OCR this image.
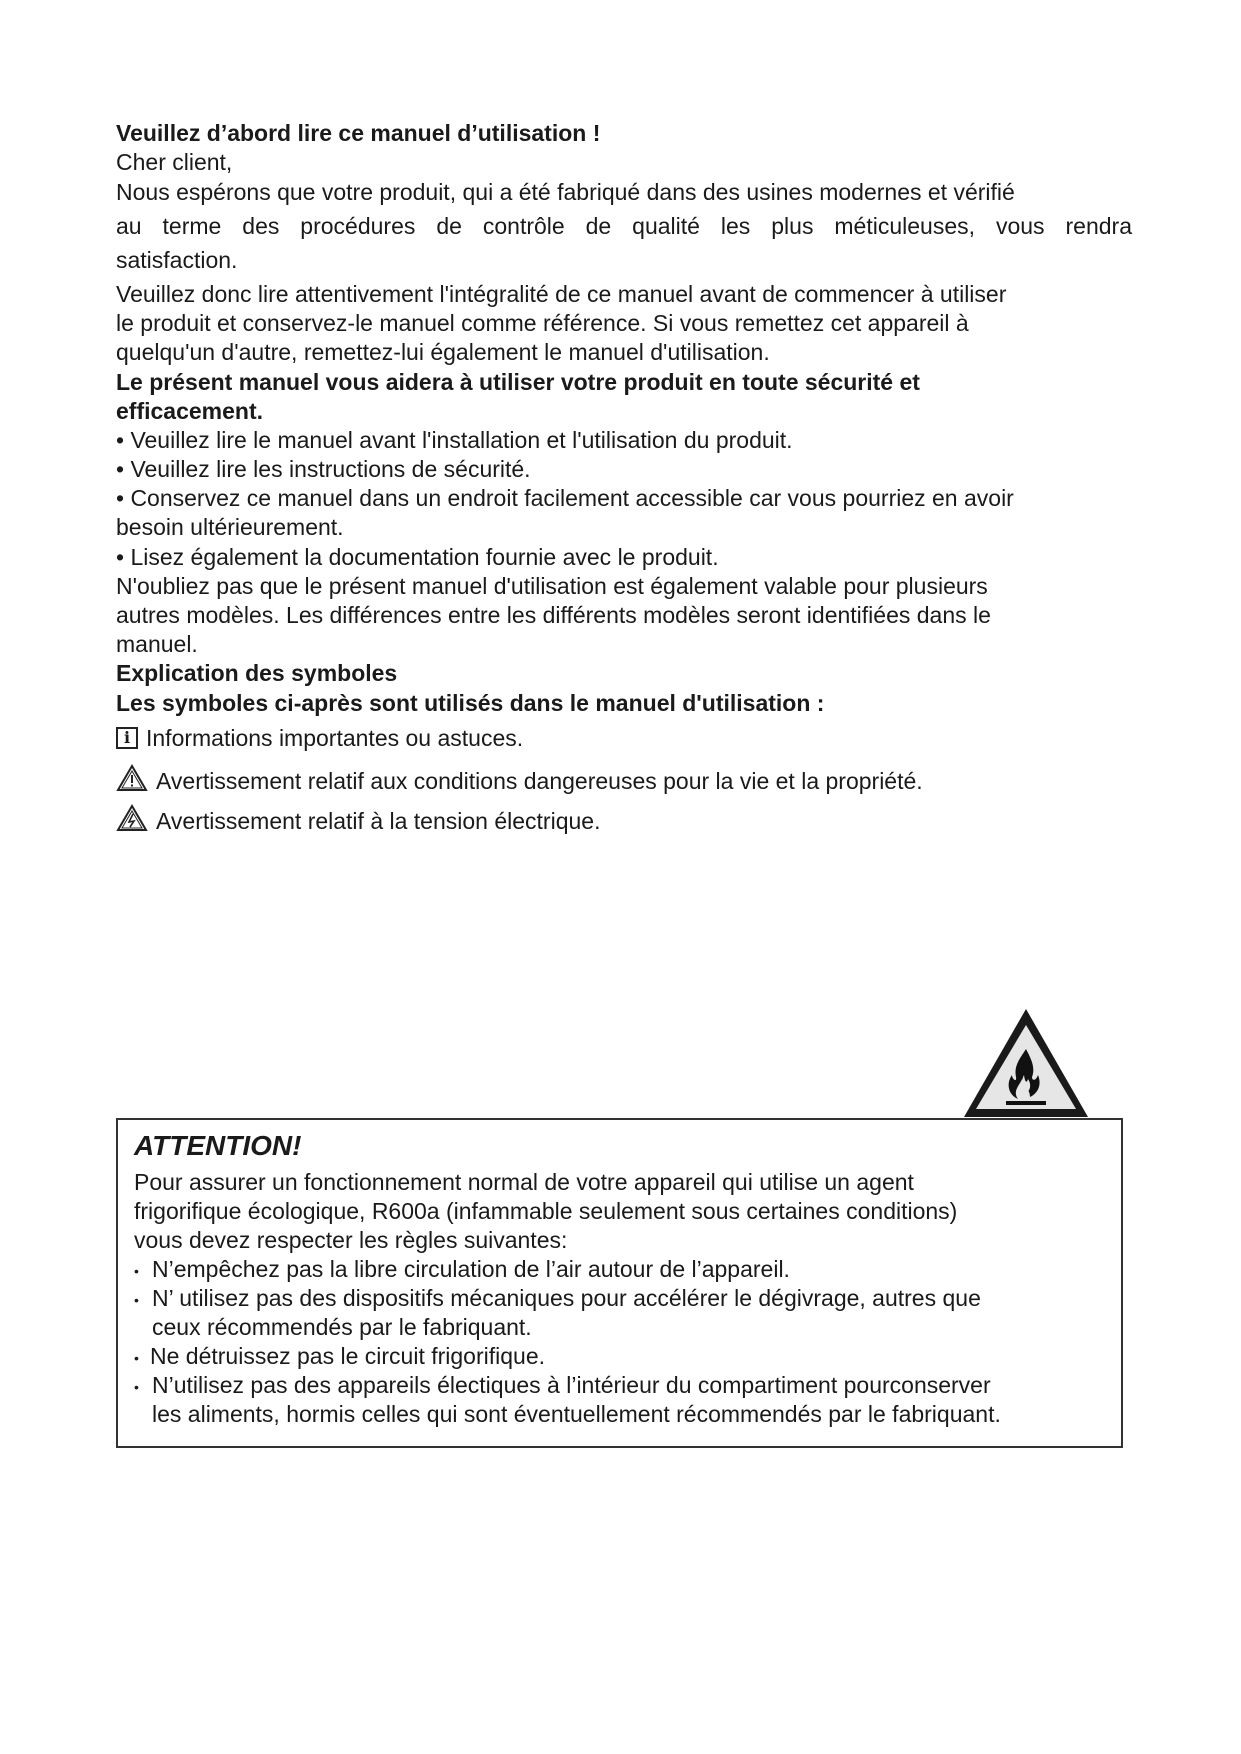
Veuillez d’abord lire ce manuel d’utilisation !

Cher client,

Nous espérons que votre produit, qui a été fabriqué dans des usines modernes et vérifié

au terme des procédures de contrôle de qualité les plus méticuleuses, vous rendra

satisfaction.

Veuillez donc lire attentivement l'intégralité de ce manuel avant de commencer à utiliser

le produit et conservez-le manuel comme référence. Si vous remettez cet appareil à

quelqu'un d'autre, remettez-lui également le manuel d'utilisation.

Le présent manuel vous aidera à utiliser votre produit en toute sécurité et

efficacement.

• Veuillez lire le manuel avant l'installation et l'utilisation du produit.

• Veuillez lire les instructions de sécurité.

• Conservez ce manuel dans un endroit facilement accessible car vous pourriez en avoir

besoin ultérieurement.

• Lisez également la documentation fournie avec le produit.

N'oubliez pas que le présent manuel d'utilisation est également valable pour plusieurs

autres modèles. Les différences entre les différents modèles seront identifiées dans le

manuel.

Explication des symboles

Les symboles ci-après sont utilisés dans le manuel d'utilisation :

i Informations importantes ou astuces.
Avertissement relatif aux conditions dangereuses pour la vie et la propriété.
Avertissement relatif à la tension électrique.

ATTENTION!

Pour assurer un fonctionnement normal de votre appareil qui utilise un agent

frigorifique écologique, R600a (infammable seulement sous certaines conditions)

vous devez respecter les règles suivantes:

• N’empêchez pas la libre circulation de l’air autour de l’appareil.

• N’ utilisez pas des dispositifs mécaniques pour accélérer le dégivrage, autres que

ceux récommendés par le fabriquant.

• Ne détruissez pas le circuit frigorifique.

• N’utilisez pas des appareils électiques à l’intérieur du compartiment pourconserver

les aliments, hormis celles qui sont éventuellement récommendés par le fabriquant.
